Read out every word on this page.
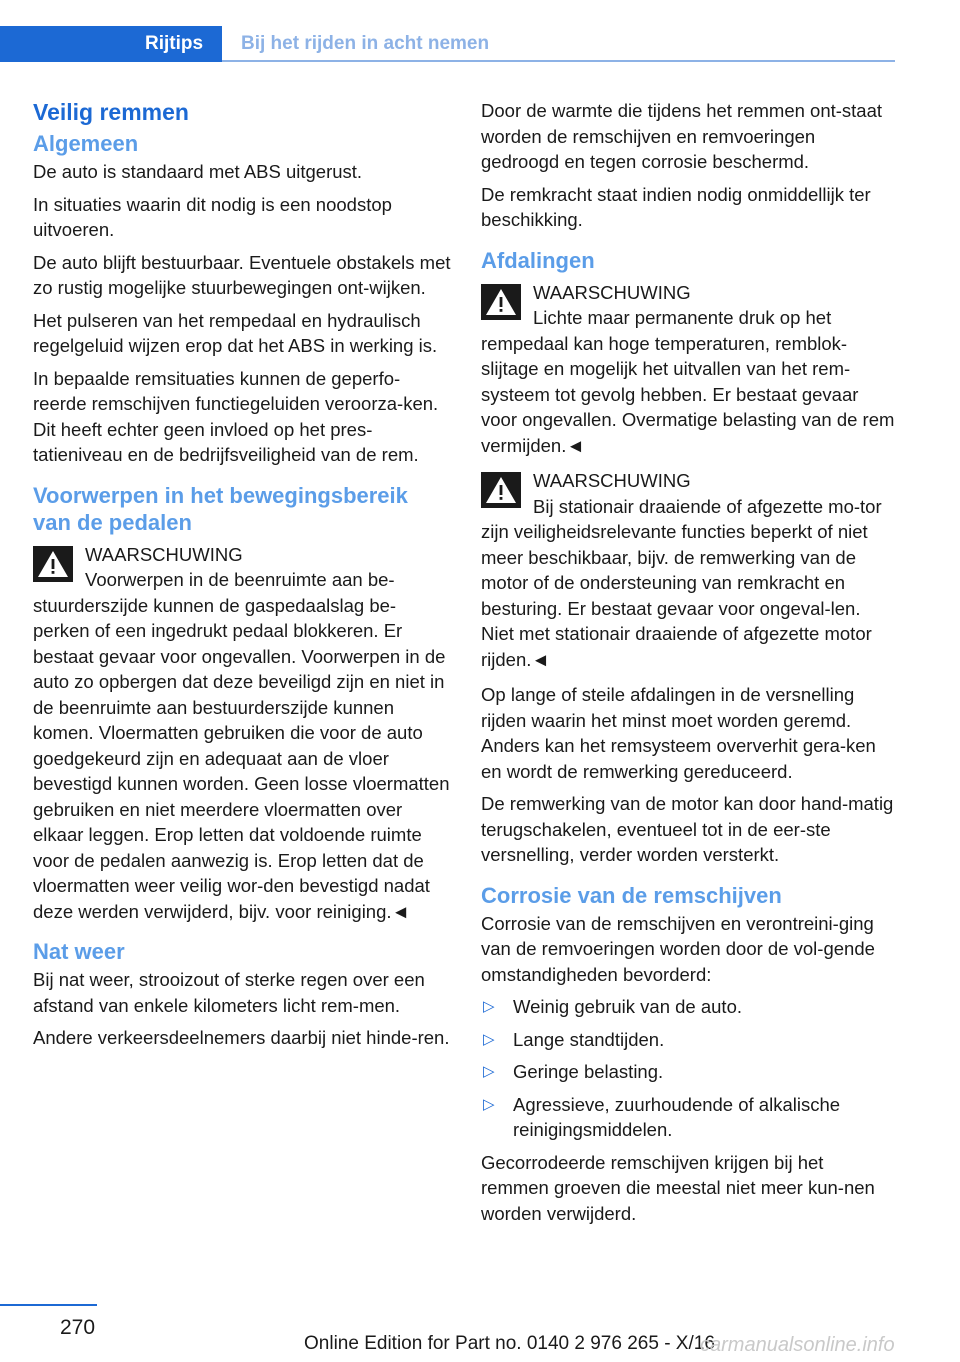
Rijtips Bij het rijden in acht nemen
Veilig remmen
Algemeen

De auto is standaard met ABS uitgerust.

In situaties waarin dit nodig is een noodstop uitvoeren.

De auto blijft bestuurbaar. Eventuele obstakels met zo rustig mogelijke stuurbewegingen ont‐wijken.

Het pulseren van het rempedaal en hydraulisch regelgeluid wijzen erop dat het ABS in werking is.

In bepaalde remsituaties kunnen de geperfo‐reerde remschijven functiegeluiden veroorza‐ken. Dit heeft echter geen invloed op het pres‐tatieniveau en de bedrijfsveiligheid van de rem.

Voorwerpen in het bewegingsbereik van de pedalen
WAARSCHUWING
Voorwerpen in de beenruimte aan be‐stuurderszijde kunnen de gaspedaalslag be‐perken of een ingedrukt pedaal blokkeren. Er bestaat gevaar voor ongevallen. Voorwerpen in de auto zo opbergen dat deze beveiligd zijn en niet in de beenruimte aan bestuurderszijde kunnen komen. Vloermatten gebruiken die voor de auto goedgekeurd zijn en adequaat aan de vloer bevestigd kunnen worden. Geen losse vloermatten gebruiken en niet meerdere vloermatten over elkaar leggen. Erop letten dat voldoende ruimte voor de pedalen aanwezig is. Erop letten dat de vloermatten weer veilig wor‐den bevestigd nadat deze werden verwijderd, bijv. voor reiniging.◄
Nat weer

Bij nat weer, strooizout of sterke regen over een afstand van enkele kilometers licht rem‐men.

Andere verkeersdeelnemers daarbij niet hinde‐ren.

Door de warmte die tijdens het remmen ont‐staat worden de remschijven en remvoeringen gedroogd en tegen corrosie beschermd.

De remkracht staat indien nodig onmiddellijk ter beschikking.

Afdalingen
WAARSCHUWING
Lichte maar permanente druk op het rempedaal kan hoge temperaturen, remblok‐slijtage en mogelijk het uitvallen van het rem‐systeem tot gevolg hebben. Er bestaat gevaar voor ongevallen. Overmatige belasting van de rem vermijden.◄
WAARSCHUWING
Bij stationair draaiende of afgezette mo‐tor zijn veiligheidsrelevante functies beperkt of niet meer beschikbaar, bijv. de remwerking van de motor of de ondersteuning van remkracht en besturing. Er bestaat gevaar voor ongeval‐len. Niet met stationair draaiende of afgezette motor rijden.◄

Op lange of steile afdalingen in de versnelling rijden waarin het minst moet worden geremd. Anders kan het remsysteem oververhit gera‐ken en wordt de remwerking gereduceerd.

De remwerking van de motor kan door hand‐matig terugschakelen, eventueel tot in de eer‐ste versnelling, verder worden versterkt.

Corrosie van de remschijven

Corrosie van de remschijven en verontreini‐ging van de remvoeringen worden door de vol‐gende omstandigheden bevorderd:

▷ Weinig gebruik van de auto.
▷ Lange standtijden.
▷ Geringe belasting.
▷ Agressieve, zuurhoudende of alkalische reinigingsmiddelen.

Gecorrodeerde remschijven krijgen bij het remmen groeven die meestal niet meer kun‐nen worden verwijderd.

270
Online Edition for Part no. 0140 2 976 265 - X/16
carmanualsonline.info
